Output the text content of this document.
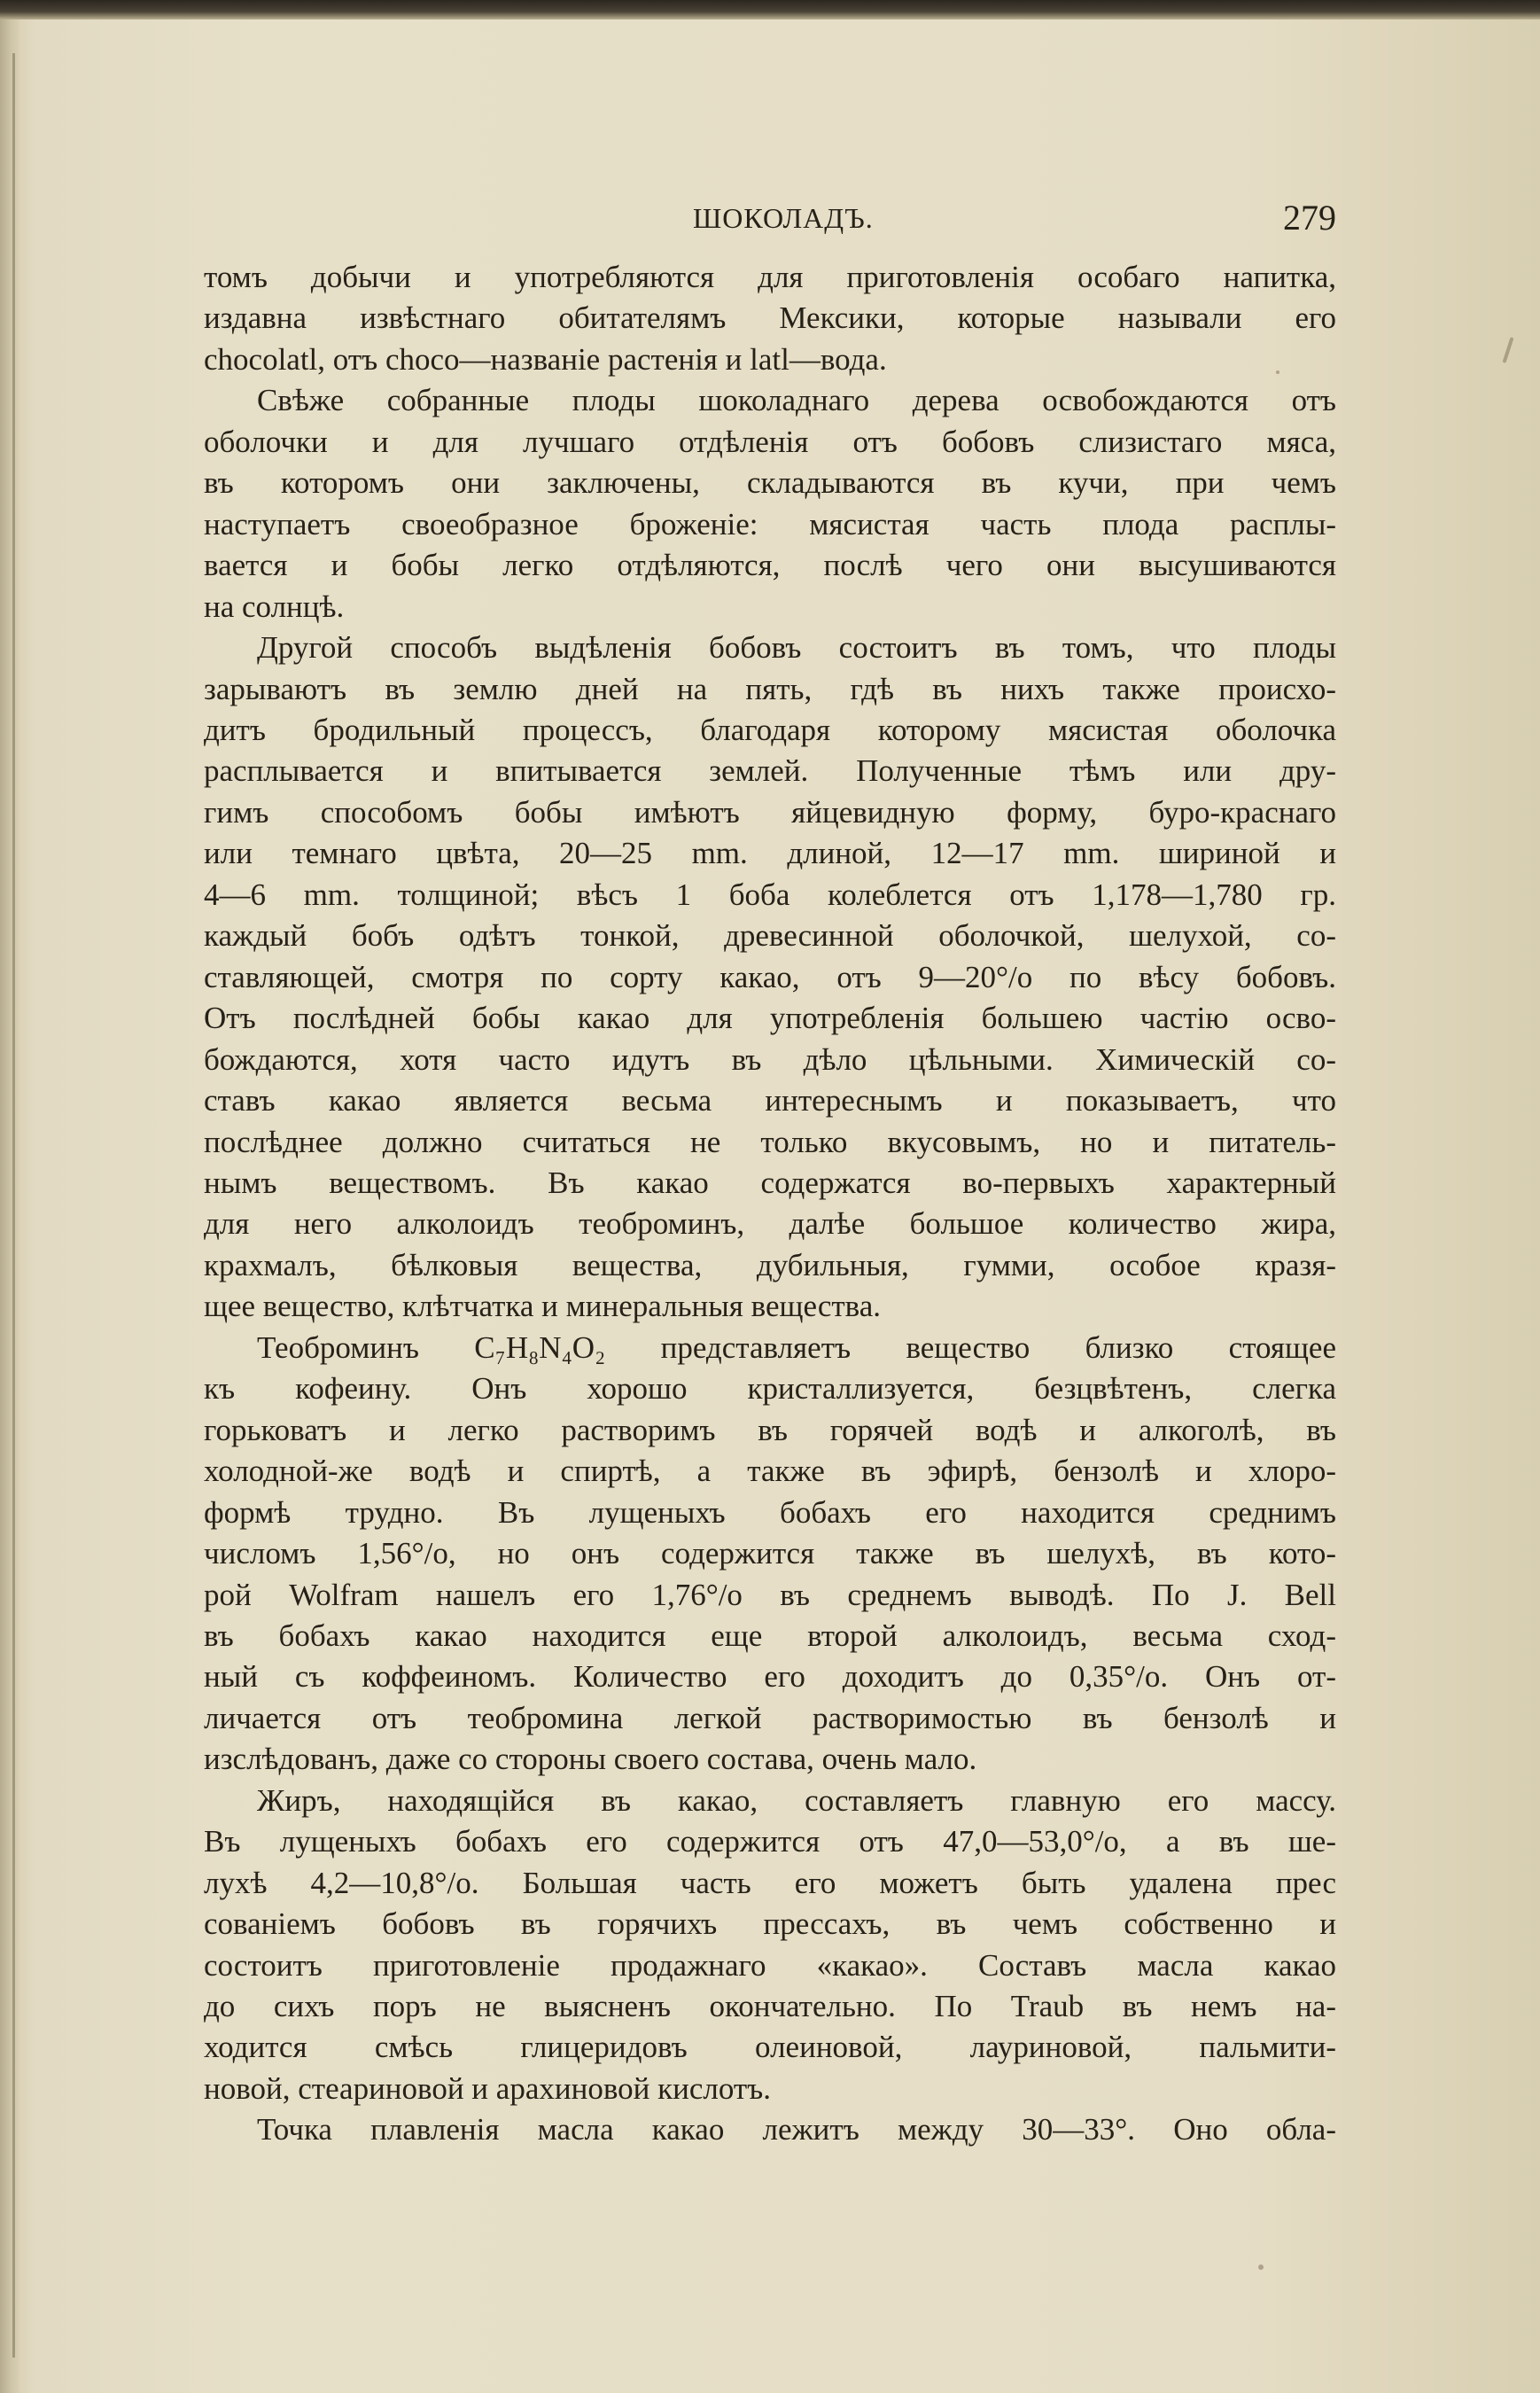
ШОКОЛАДЪ.	279

томъ добычи и употребляются для приготовленія особаго напитка,
издавна извѣстнаго обитателямъ Мексики, которые называли его
chocolatl, отъ choco—названіе растенія и latl—вода.

Свѣже собранные плоды шоколаднаго дерева освобождаются отъ
оболочки и для лучшаго отдѣленія отъ бобовъ слизистаго мяса,
въ которомъ они заключены, складываются въ кучи, при чемъ
наступаетъ своеобразное броженіе: мясистая часть плода расплы-
вается и бобы легко отдѣляются, послѣ чего они высушиваются
на солнцѣ.

Другой способъ выдѣленія бобовъ состоитъ въ томъ, что плоды
зарываютъ въ землю дней на пять, гдѣ въ нихъ также происхо-
дитъ бродильный процессъ, благодаря которому мясистая оболочка
расплывается и впитывается землей. Полученные тѣмъ или дру-
гимъ способомъ бобы имѣютъ яйцевидную форму, буро-краснаго
или темнаго цвѣта, 20—25 mm. длиной, 12—17 mm. шириной и
4—6 mm. толщиной; вѣсъ 1 боба колеблется отъ 1,178—1,780 гр.
каждый бобъ одѣтъ тонкой, древесинной оболочкой, шелухой, со-
ставляющей, смотря по сорту какао, отъ 9—20°/o по вѣсу бобовъ.
Отъ послѣдней бобы какао для употребленія большею частію осво-
бождаются, хотя часто идутъ въ дѣло цѣльными. Химическій со-
ставъ какао является весьма интереснымъ и показываетъ, что
послѣднее должно считаться не только вкусовымъ, но и питатель-
нымъ веществомъ. Въ какао содержатся во-первыхъ характерный
для него алколоидъ теоброминъ, далѣе большое количество жира,
крахмалъ, бѣлковыя вещества, дубильныя, гумми, особое кразя-
щее вещество, клѣтчатка и минеральныя вещества.

Теоброминъ C₇H₈N₄O₂ представляетъ вещество близко стоящее
къ кофеину. Онъ хорошо кристаллизуется, безцвѣтенъ, слегка
горьковатъ и легко растворимъ въ горячей водѣ и алкоголѣ, въ
холодной-же водѣ и спиртѣ, а также въ эфирѣ, бензолѣ и хлоро-
формѣ трудно. Въ лущеныхъ бобахъ его находится среднимъ
числомъ 1,56°/o, но онъ содержится также въ шелухѣ, въ кото-
рой Wolfram нашелъ его 1,76°/o въ среднемъ выводѣ. По J. Bell
въ бобахъ какао находится еще второй алколоидъ, весьма сход-
ный съ коффеиномъ. Количество его доходитъ до 0,35°/o. Онъ от-
личается отъ теобромина легкой растворимостью въ бензолѣ и
изслѣдованъ, даже со стороны своего состава, очень мало.

Жиръ, находящійся въ какао, составляетъ главную его массу.
Въ лущеныхъ бобахъ его содержится отъ 47,0—53,0°/o, а въ ше-
лухѣ 4,2—10,8°/o. Большая часть его можетъ быть удалена прес
сованіемъ бобовъ въ горячихъ прессахъ, въ чемъ собственно и
состоитъ приготовленіе продажнаго «какао». Составъ масла какао
до сихъ поръ не выясненъ окончательно. По Traub въ немъ на-
ходится смѣсь глицеридовъ олеиновой, лауриновой, пальмити-
новой, стеариновой и арахиновой кислотъ.

Точка плавленія масла какао лежитъ между 30—33°. Оно обла-
